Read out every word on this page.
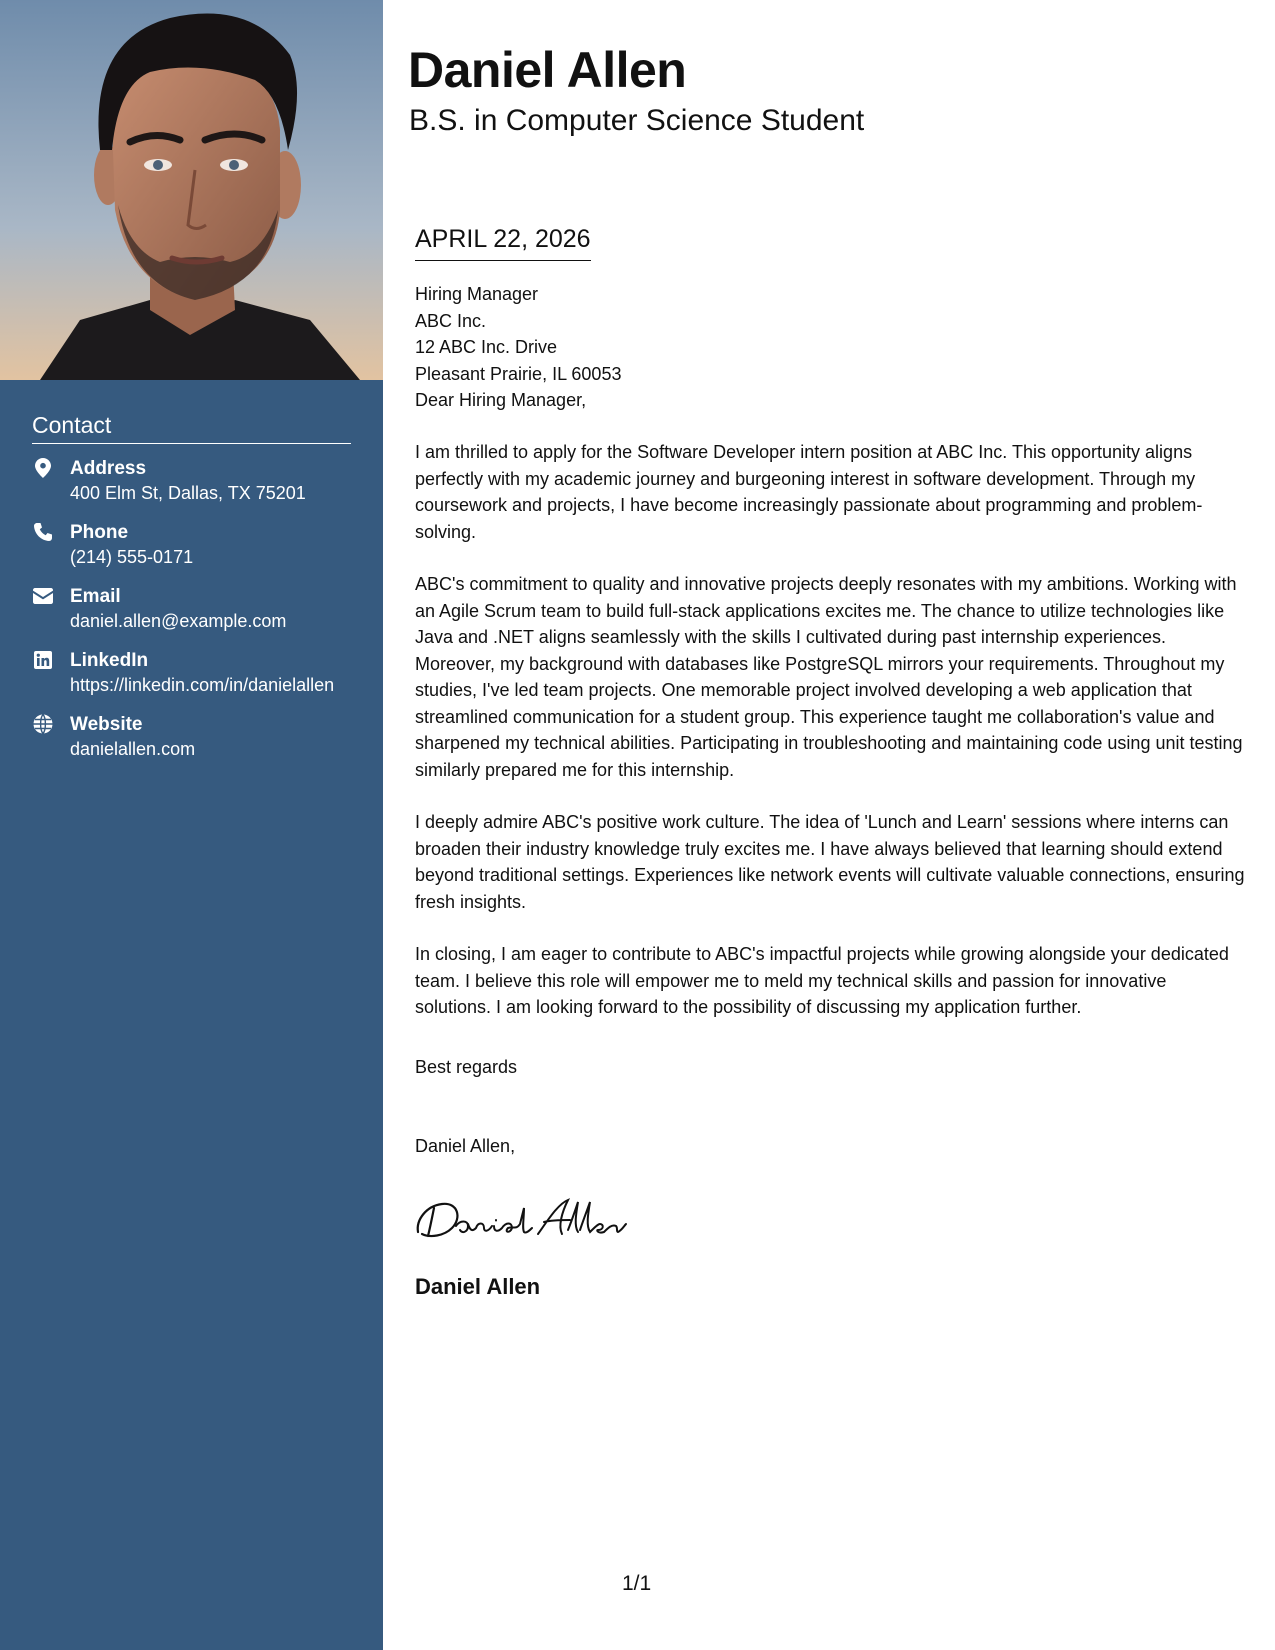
Contact
Address
400 Elm St, Dallas, TX 75201
Phone
(214) 555-0171
Email
daniel.allen@example.com
LinkedIn
https://linkedin.com/in/danielallen
Website
danielallen.com
Daniel Allen
B.S. in Computer Science Student
APRIL 22, 2026
Hiring Manager
ABC Inc.
12 ABC Inc. Drive
Pleasant Prairie, IL 60053
Dear Hiring Manager,

I am thrilled to apply for the Software Developer intern position at ABC Inc. This opportunity aligns perfectly with my academic journey and burgeoning interest in software development. Through my coursework and projects, I have become increasingly passionate about programming and problem-solving.

ABC's commitment to quality and innovative projects deeply resonates with my ambitions. Working with an Agile Scrum team to build full-stack applications excites me. The chance to utilize technologies like Java and .NET aligns seamlessly with the skills I cultivated during past internship experiences. Moreover, my background with databases like PostgreSQL mirrors your requirements. Throughout my studies, I've led team projects. One memorable project involved developing a web application that streamlined communication for a student group. This experience taught me collaboration's value and sharpened my technical abilities. Participating in troubleshooting and maintaining code using unit testing similarly prepared me for this internship.

I deeply admire ABC's positive work culture. The idea of 'Lunch and Learn' sessions where interns can broaden their industry knowledge truly excites me. I have always believed that learning should extend beyond traditional settings. Experiences like network events will cultivate valuable connections, ensuring fresh insights.

In closing, I am eager to contribute to ABC's impactful projects while growing alongside your dedicated team. I believe this role will empower me to meld my technical skills and passion for innovative solutions. I am looking forward to the possibility of discussing my application further.

Best regards
Daniel Allen,
Daniel Allen
1/1
